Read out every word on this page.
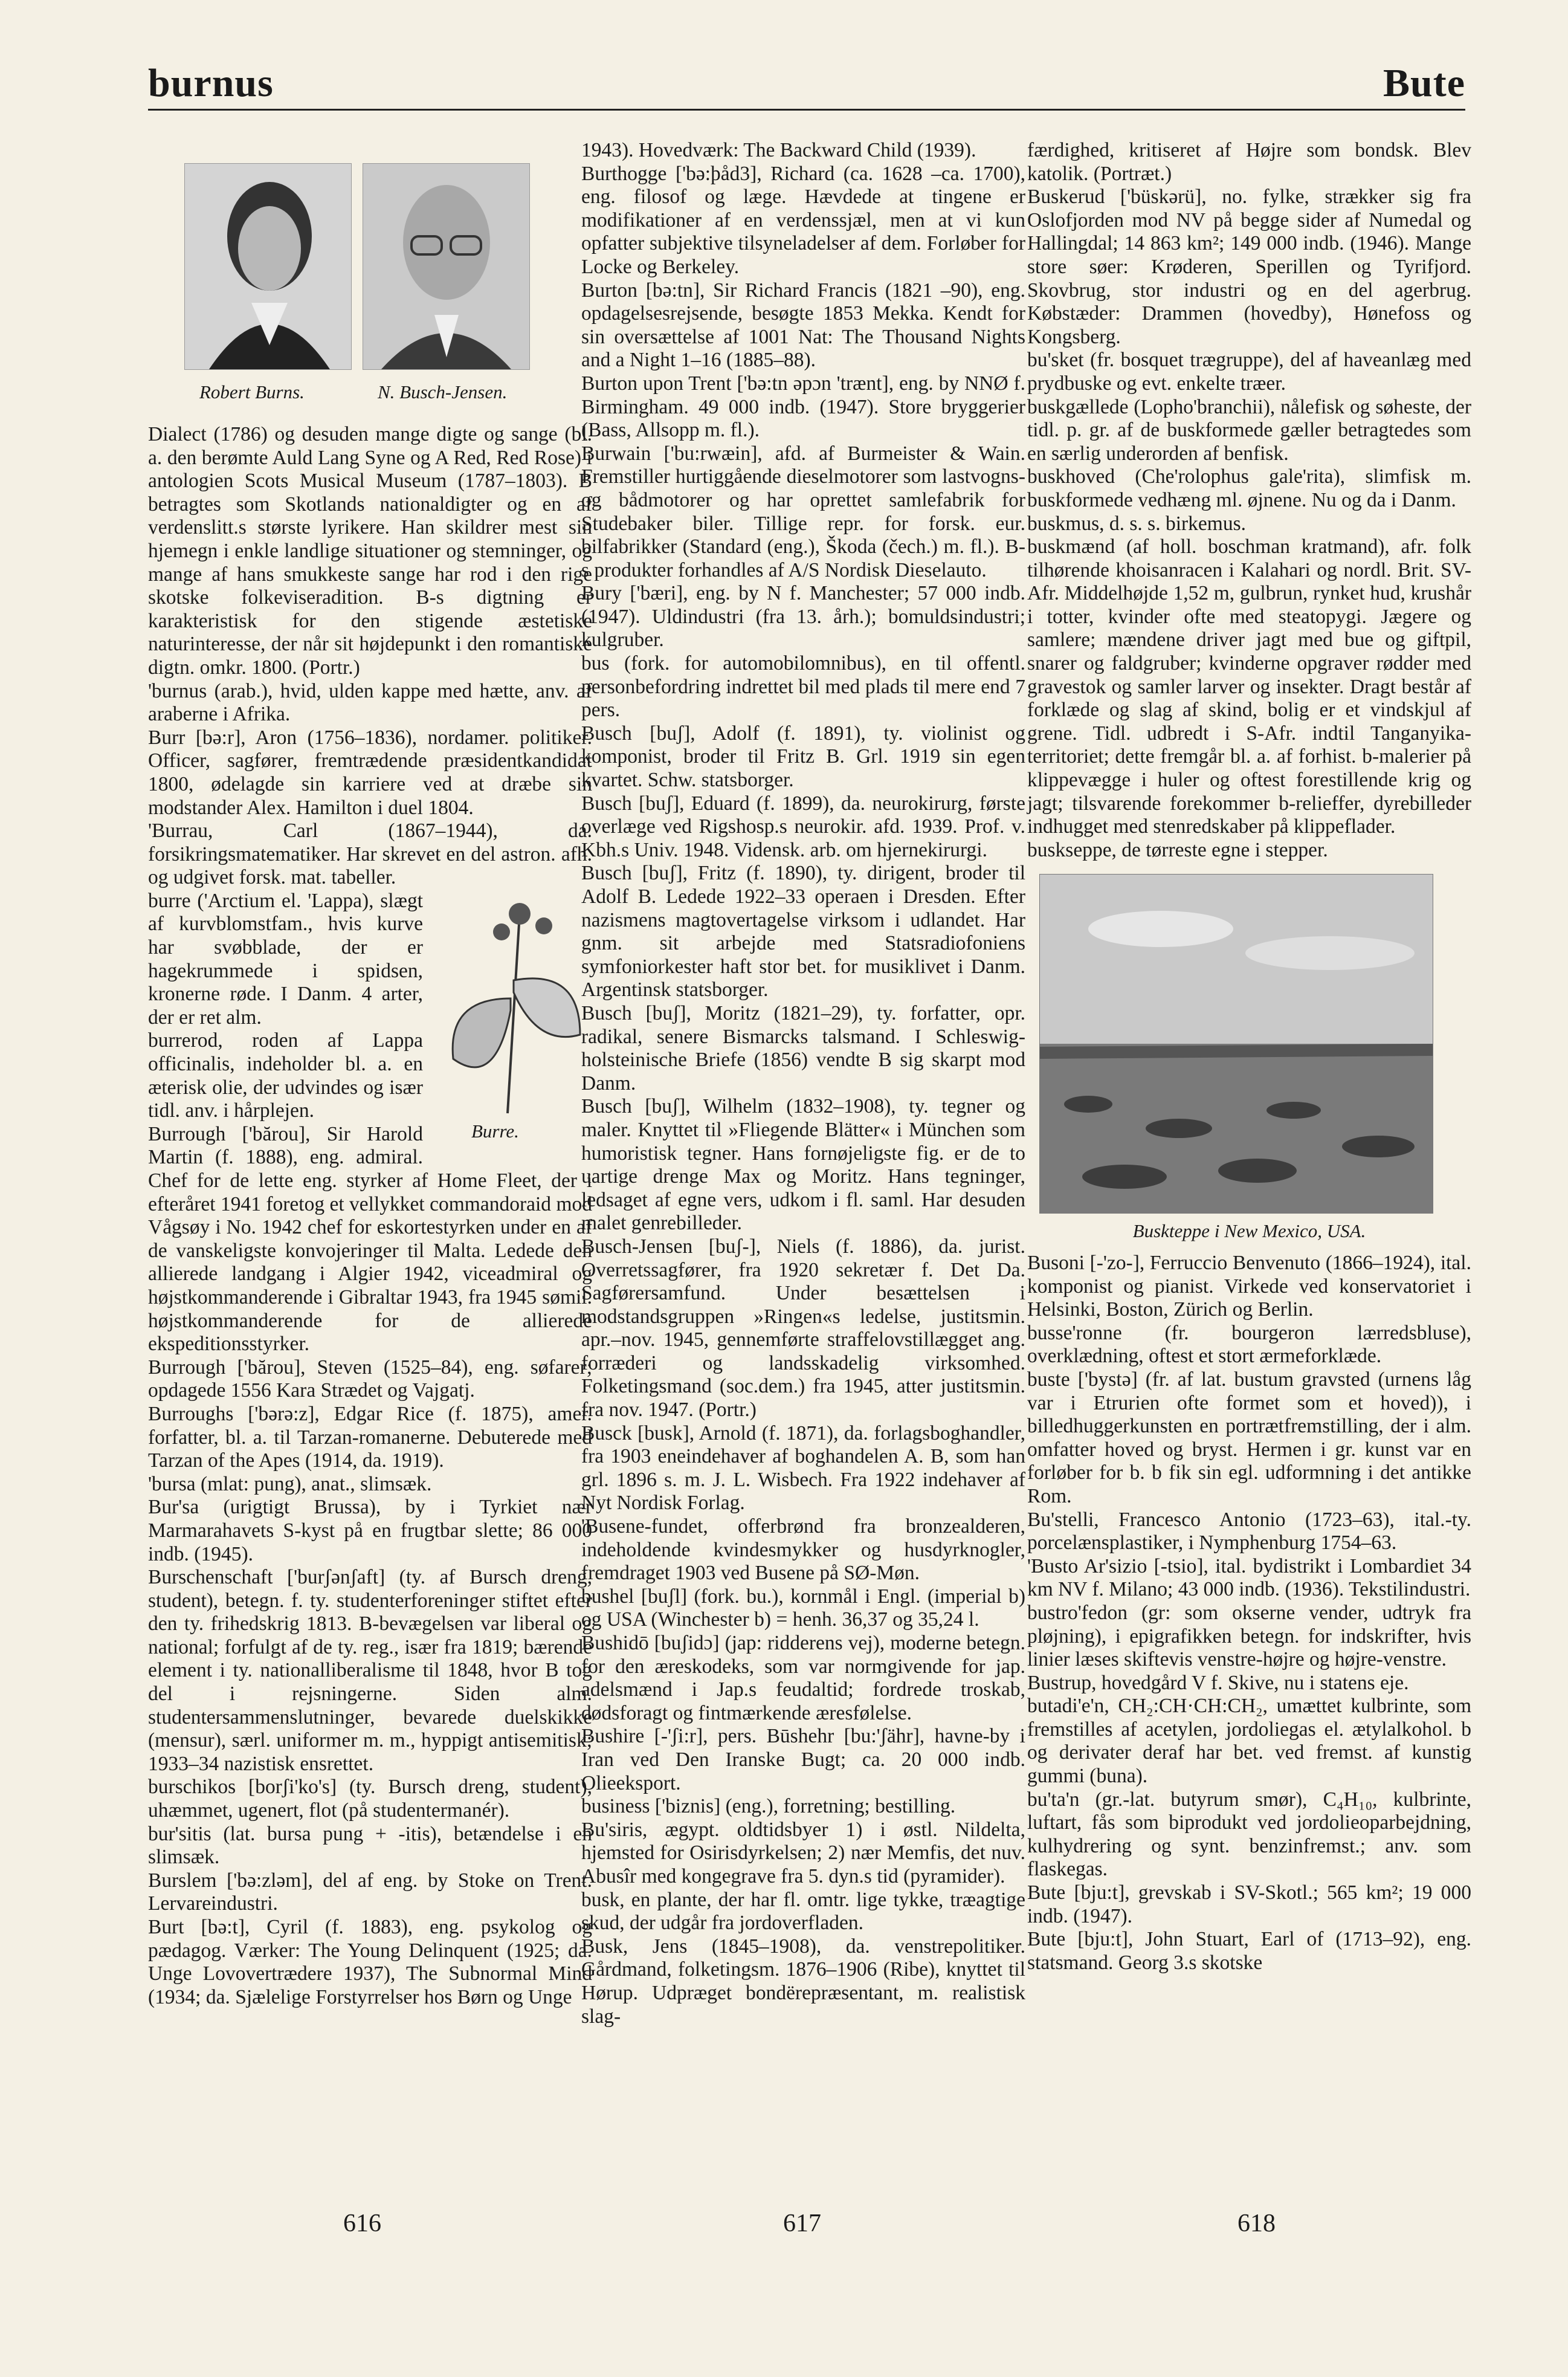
burnus	Bute
Robert Burns.	N. Busch-Jensen.

Dialect (1786) og desuden mange digte og sange (bl. a. den berømte Auld Lang Syne og A Red, Red Rose) i antologien Scots Musical Museum (1787–1803). B betragtes som Skotlands nationaldigter og en af verdenslitt.s største lyrikere. Han skildrer mest sin hjemegn i enkle landlige situationer og stemninger, og mange af hans smukkeste sange har rod i den rige skotske folkeviseradition. B-s digtning er karakteristisk for den stigende æstetiske naturinteresse, der når sit højdepunkt i den romantiske digtn. omkr. 1800. (Portr.)

'burnus (arab.), hvid, ulden kappe med hætte, anv. af araberne i Afrika.

Burr [bə:r], Aron (1756–1836), nordamer. politiker. Officer, sagfører, fremtrædende præsidentkandidat 1800, ødelagde sin karriere ved at dræbe sin modstander Alex. Hamilton i duel 1804.

'Burrau, Carl (1867–1944), da. forsikringsmatematiker. Har skrevet en del astron. afh. og udgivet forsk. mat. tabeller.

Burre.

burre ('Arctium el. 'Lappa), slægt af kurvblomstfam., hvis kurve har svøbblade, der er hagekrummede i spidsen, kronerne røde. I Danm. 4 arter, der er ret alm.

burrerod, roden af Lappa officinalis, indeholder bl. a. en æterisk olie, der udvindes og især tidl. anv. i hårplejen.

Burrough ['bărou], Sir Harold Martin (f. 1888), eng. admiral. Chef for de lette eng. styrker af Home Fleet, der i efteråret 1941 foretog et vellykket commandoraid mod Vågsøy i No. 1942 chef for eskortestyrken under en af de vanskeligste konvojeringer til Malta. Ledede den allierede landgang i Algier 1942, viceadmiral og højstkommanderende i Gibraltar 1943, fra 1945 sømil. højstkommanderende for de allierede ekspeditionsstyrker.

Burrough ['bărou], Steven (1525–84), eng. søfarer; opdagede 1556 Kara Strædet og Vajgatj.

Burroughs ['bərə:z], Edgar Rice (f. 1875), amer. forfatter, bl. a. til Tarzan-romanerne. Debuterede med Tarzan of the Apes (1914, da. 1919).

'bursa (mlat: pung), anat., slimsæk.

Bur'sa (urigtigt Brussa), by i Tyrkiet nær Marmarahavets S-kyst på en frugtbar slette; 86 000 indb. (1945).

Burschenschaft ['burʃənʃaft] (ty. af Bursch dreng, student), betegn. f. ty. studenterforeninger stiftet efter den ty. frihedskrig 1813. B-bevægelsen var liberal og national; forfulgt af de ty. reg., især fra 1819; bærende element i ty. nationalliberalisme til 1848, hvor B tog del i rejsningerne. Siden alm. studentersammenslutninger, bevarede duelskikke (mensur), særl. uniformer m. m., hyppigt antisemitisk; 1933–34 nazistisk ensrettet.

burschikos [borʃi'ko's] (ty. Bursch dreng, student), uhæmmet, ugenert, flot (på studentermanér).

bur'sitis (lat. bursa pung + -itis), betændelse i en slimsæk.

Burslem ['bə:zləm], del af eng. by Stoke on Trent. Lervareindustri.

Burt [bə:t], Cyril (f. 1883), eng. psykolog og pædagog. Værker: The Young Delinquent (1925; da. Unge Lovovertrædere 1937), The Subnormal Mind (1934; da. Sjælelige Forstyrrelser hos Børn og Unge

1943). Hovedværk: The Backward Child (1939).

Burthogge ['bə:þåd3], Richard (ca. 1628 –ca. 1700), eng. filosof og læge. Hævdede at tingene er modifikationer af en verdenssjæl, men at vi kun opfatter subjektive tilsyneladelser af dem. Forløber for Locke og Berkeley.

Burton [bə:tn], Sir Richard Francis (1821 –90), eng. opdagelsesrejsende, besøgte 1853 Mekka. Kendt for sin oversættelse af 1001 Nat: The Thousand Nights and a Night 1–16 (1885–88).

Burton upon Trent ['bə:tn əpɔn 'trænt], eng. by NNØ f. Birmingham. 49 000 indb. (1947). Store bryggerier (Bass, Allsopp m. fl.).

Burwain ['bu:rwæin], afd. af Burmeister & Wain. Fremstiller hurtiggående dieselmotorer som lastvogns- og bådmotorer og har oprettet samlefabrik for Studebaker biler. Tillige repr. for forsk. eur. bilfabrikker (Standard (eng.), Škoda (čech.) m. fl.). B-s produkter forhandles af A/S Nordisk Dieselauto.

Bury ['bæri], eng. by N f. Manchester; 57 000 indb. (1947). Uldindustri (fra 13. årh.); bomuldsindustri; kulgruber.

bus (fork. for automobilomnibus), en til offentl. personbefordring indrettet bil med plads til mere end 7 pers.

Busch [buʃ], Adolf (f. 1891), ty. violinist og komponist, broder til Fritz B. Grl. 1919 sin egen kvartet. Schw. statsborger.

Busch [buʃ], Eduard (f. 1899), da. neurokirurg, første overlæge ved Rigshosp.s neurokir. afd. 1939. Prof. v. Kbh.s Univ. 1948. Vidensk. arb. om hjernekirurgi.

Busch [buʃ], Fritz (f. 1890), ty. dirigent, broder til Adolf B. Ledede 1922–33 operaen i Dresden. Efter nazismens magtovertagelse virksom i udlandet. Har gnm. sit arbejde med Statsradiofoniens symfoniorkester haft stor bet. for musiklivet i Danm. Argentinsk statsborger.

Busch [buʃ], Moritz (1821–29), ty. forfatter, opr. radikal, senere Bismarcks talsmand. I Schleswig-holsteinische Briefe (1856) vendte B sig skarpt mod Danm.

Busch [buʃ], Wilhelm (1832–1908), ty. tegner og maler. Knyttet til »Fliegende Blätter« i München som humoristisk tegner. Hans fornøjeligste fig. er de to uartige drenge Max og Moritz. Hans tegninger, ledsaget af egne vers, udkom i fl. saml. Har desuden malet genrebilleder.

Busch-Jensen [buʃ-], Niels (f. 1886), da. jurist. Overretssagfører, fra 1920 sekretær f. Det Da. Sagførersamfund. Under besættelsen i modstandsgruppen »Ringen«s ledelse, justitsmin. apr.–nov. 1945, gennemførte straffelovstillægget ang. forræderi og landsskadelig virksomhed. Folketingsmand (soc.dem.) fra 1945, atter justitsmin. fra nov. 1947. (Portr.)

Busck [busk], Arnold (f. 1871), da. forlagsboghandler, fra 1903 eneindehaver af boghandelen A. B, som han grl. 1896 s. m. J. L. Wisbech. Fra 1922 indehaver af Nyt Nordisk Forlag.

'Busene-fundet, offerbrønd fra bronzealderen, indeholdende kvindesmykker og husdyrknogler, fremdraget 1903 ved Busene på SØ-Møn.

bushel [buʃl] (fork. bu.), kornmål i Engl. (imperial b) og USA (Winchester b) = henh. 36,37 og 35,24 l.

Bushidō [buʃidɔ] (jap: ridderens vej), moderne betegn. for den æreskodeks, som var normgivende for jap. adelsmænd i Jap.s feudaltid; fordrede troskab, dødsforagt og fintmærkende æresfølelse.

Bushire [-'ʃi:r], pers. Būshehr [bu:'ʃähr], havne-by i Iran ved Den Iranske Bugt; ca. 20 000 indb. Olieeksport.

business ['biznis] (eng.), forretning; bestilling.

Bu'siris, ægypt. oldtidsbyer 1) i østl. Nildelta, hjemsted for Osirisdyrkelsen; 2) nær Memfis, det nuv. Abusîr med kongegrave fra 5. dyn.s tid (pyramider).

busk, en plante, der har fl. omtr. lige tykke, træagtige skud, der udgår fra jordoverfladen.

Busk, Jens (1845–1908), da. venstrepolitiker. Gårdmand, folketingsm. 1876–1906 (Ribe), knyttet til Hørup. Udpræget bondërepræsentant, m. realistisk slag-

færdighed, kritiseret af Højre som bondsk. Blev katolik. (Portræt.)

Buskerud ['büskərü], no. fylke, strækker sig fra Oslofjorden mod NV på begge sider af Numedal og Hallingdal; 14 863 km²; 149 000 indb. (1946). Mange store søer: Krøderen, Sperillen og Tyrifjord. Skovbrug, stor industri og en del agerbrug. Købstæder: Drammen (hovedby), Hønefoss og Kongsberg.

bu'sket (fr. bosquet trægruppe), del af haveanlæg med prydbuske og evt. enkelte træer.

buskgællede (Lopho'branchii), nålefisk og søheste, der tidl. p. gr. af de buskformede gæller betragtedes som en særlig underorden af benfisk.

buskhoved (Che'rolophus gale'rita), slimfisk m. buskformede vedhæng ml. øjnene. Nu og da i Danm.

buskmus, d. s. s. birkemus.

buskmænd (af holl. boschman kratmand), afr. folk tilhørende khoisanracen i Kalahari og nordl. Brit. SV-Afr. Middelhøjde 1,52 m, gulbrun, rynket hud, krushår i totter, kvinder ofte med steatopygi. Jægere og samlere; mændene driver jagt med bue og giftpil, snarer og faldgruber; kvinderne opgraver rødder med gravestok og samler larver og insekter. Dragt består af forklæde og slag af skind, bolig er et vindskjul af grene. Tidl. udbredt i S-Afr. indtil Tanganyika-territoriet; dette fremgår bl. a. af forhist. b-malerier på klippevægge i huler og oftest forestillende krig og jagt; tilsvarende forekommer b-relieffer, dyrebilleder indhugget med stenredskaber på klippeflader.

buskseppe, de tørreste egne i stepper.

Buskteppe i New Mexico, USA.

Busoni [-'zo-], Ferruccio Benvenuto (1866–1924), ital. komponist og pianist. Virkede ved konservatoriet i Helsinki, Boston, Zürich og Berlin.

busse'ronne (fr. bourgeron lærredsbluse), overklædning, oftest et stort ærmeforklæde.

buste ['bystə] (fr. af lat. bustum gravsted (urnens låg var i Etrurien ofte formet som et hoved)), i billedhuggerkunsten en portrætfremstilling, der i alm. omfatter hoved og bryst. Hermen i gr. kunst var en forløber for b. b fik sin egl. udformning i det antikke Rom.

Bu'stelli, Francesco Antonio (1723–63), ital.-ty. porcelænsplastiker, i Nymphenburg 1754–63.

'Busto Ar'sizio [-tsio], ital. bydistrikt i Lombardiet 34 km NV f. Milano; 43 000 indb. (1936). Tekstilindustri.

bustro'fedon (gr: som okserne vender, udtryk fra pløjning), i epigrafikken betegn. for indskrifter, hvis linier læses skiftevis venstre-højre og højre-venstre.

Bustrup, hovedgård V f. Skive, nu i statens eje.

butadi'e'n, CH₂:CH·CH:CH₂, umættet kulbrinte, som fremstilles af acetylen, jordoliegas el. ætylalkohol. b og derivater deraf har bet. ved fremst. af kunstig gummi (buna).

bu'ta'n (gr.-lat. butyrum smør), C₄H₁₀, kulbrinte, luftart, fås som biprodukt ved jordolieoparbejdning, kulhydrering og synt. benzinfremst.; anv. som flaskegas.

Bute [bju:t], grevskab i SV-Skotl.; 565 km²; 19 000 indb. (1947).

Bute [bju:t], John Stuart, Earl of (1713–92), eng. statsmand. Georg 3.s skotske

616	617	618
